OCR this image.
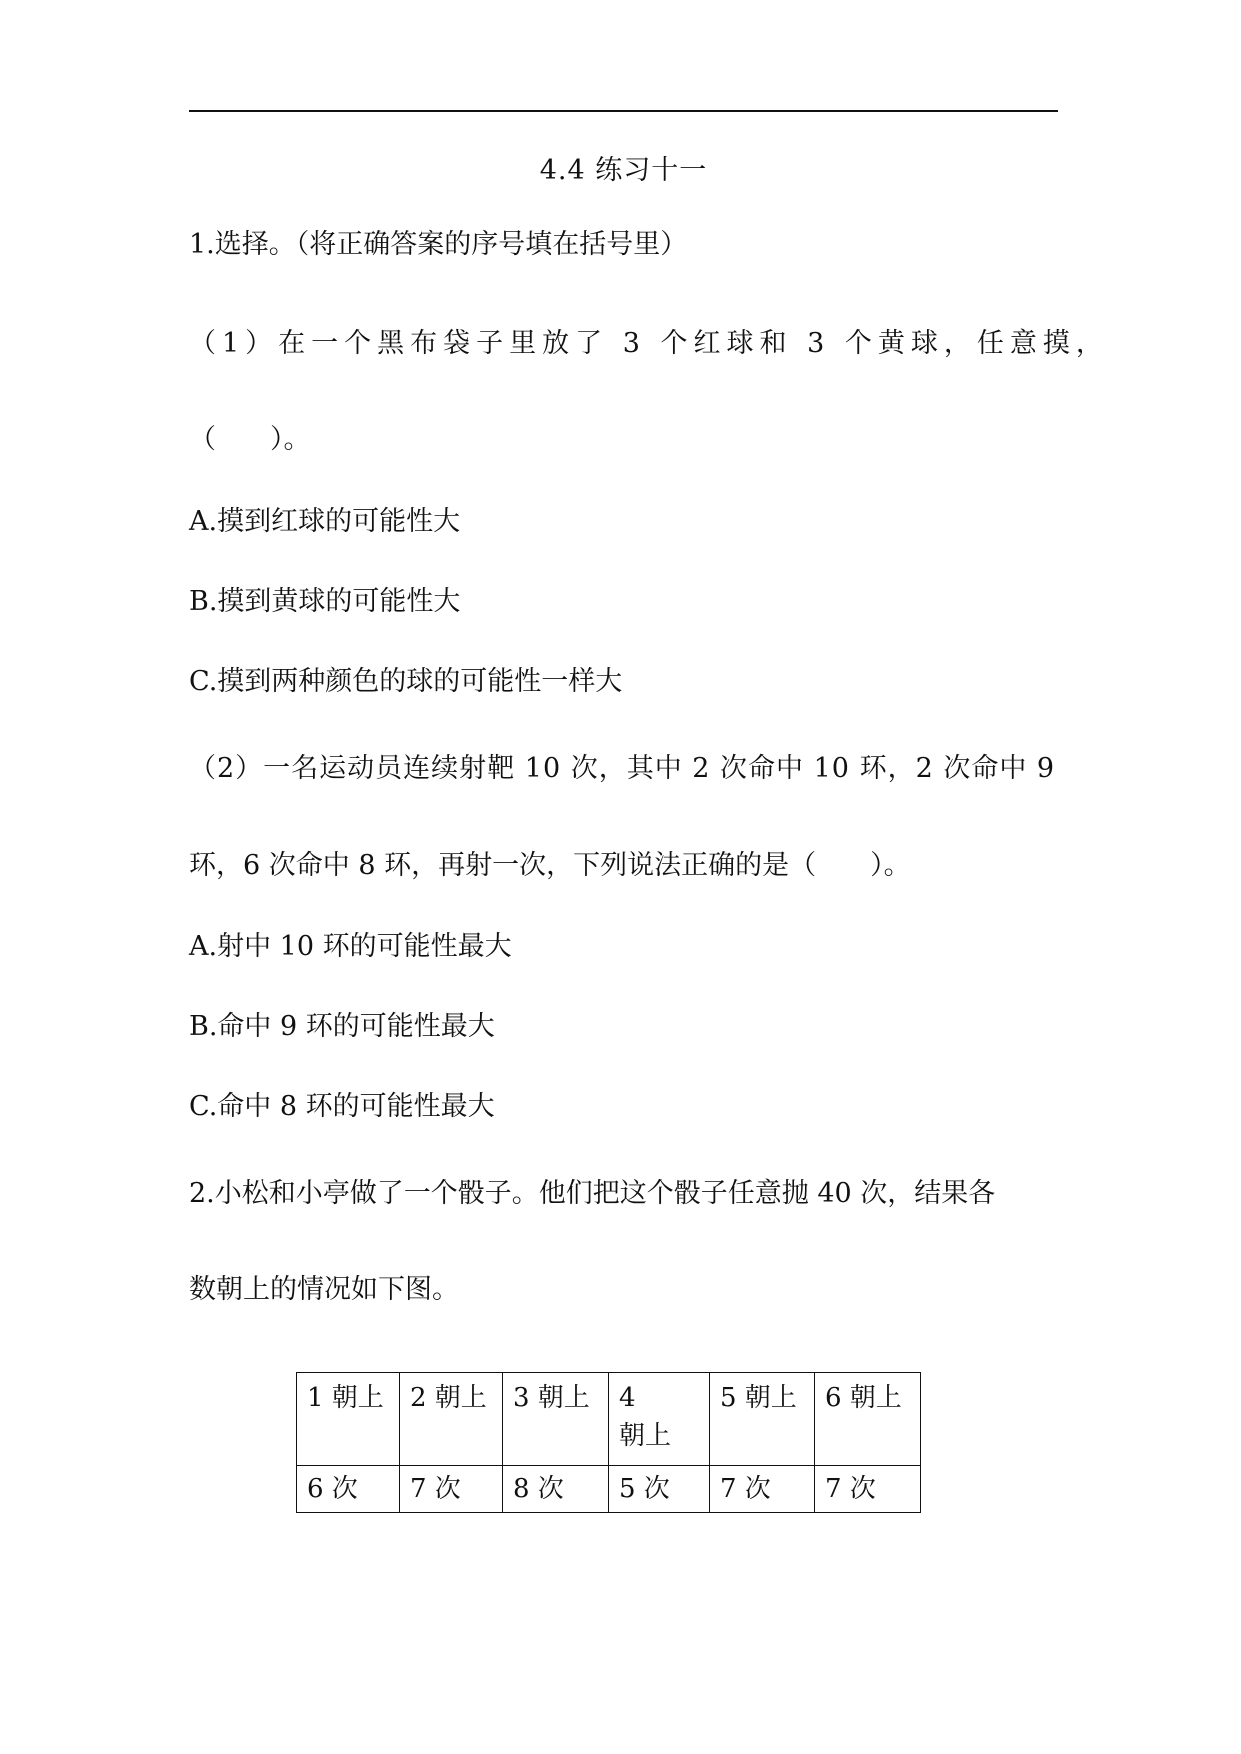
4.4 练习十一
1.选择。（将正确答案的序号填在括号里）
（1）在一个黑布袋子里放了 3 个红球和 3 个黄球，任意摸，
（　　）。
A.摸到红球的可能性大
B.摸到黄球的可能性大
C.摸到两种颜色的球的可能性一样大
（2）一名运动员连续射靶 10 次，其中 2 次命中 10 环，2 次命中 9
环，6 次命中 8 环，再射一次，下列说法正确的是（　　）。
A.射中 10 环的可能性最大
B.命中 9 环的可能性最大
C.命中 8 环的可能性最大
2.小松和小亭做了一个骰子。他们把这个骰子任意抛 40 次，结果各
数朝上的情况如下图。
1 朝上	2 朝上	3 朝上	4 朝上	5 朝上	6 朝上
6 次	7 次	8 次	5 次	7 次	7 次
